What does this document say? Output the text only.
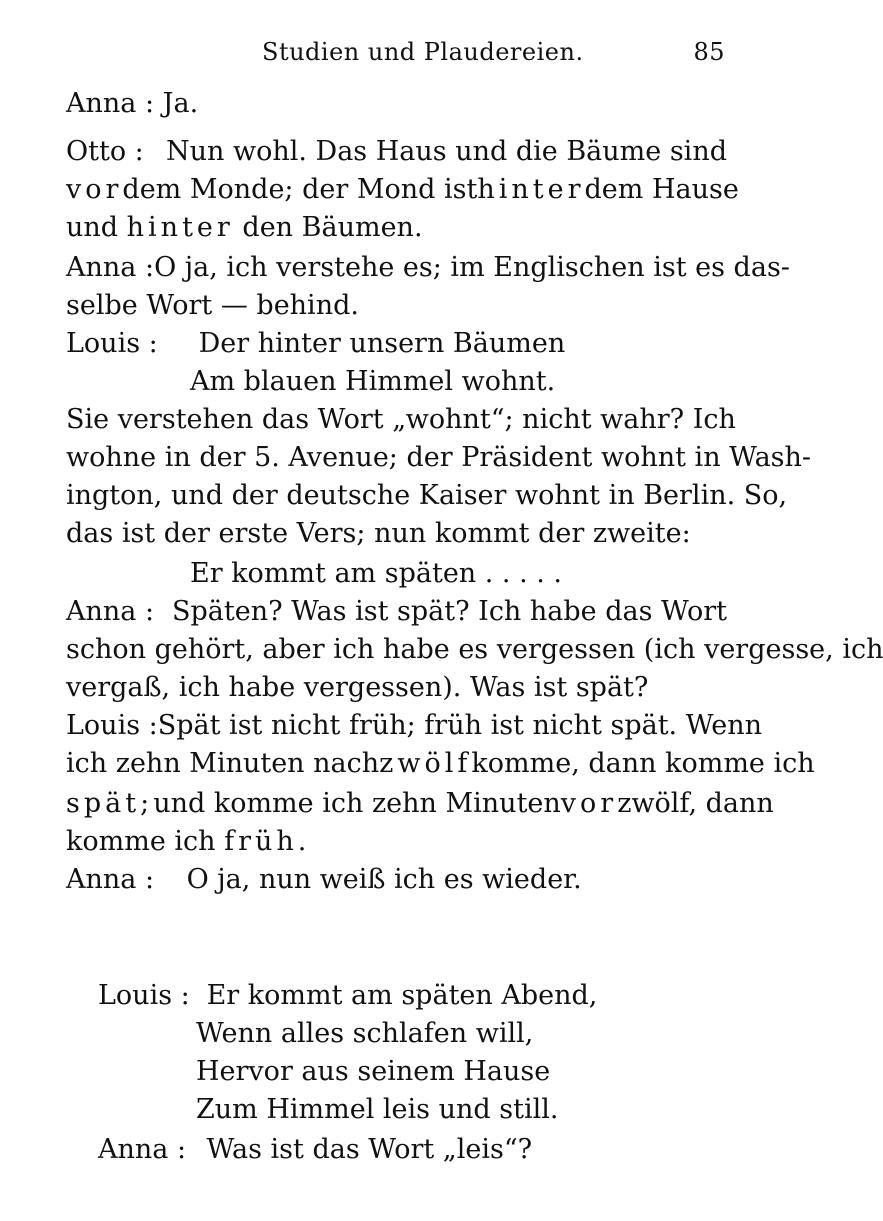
Studien und Plaudereien.	85
Anna : Ja.
Otto : Nun wohl. Das Haus und die Bäume sind
vor dem Monde; der Mond ist hinter dem Hause
und hinter den Bäumen.
Anna : O ja, ich verstehe es; im Englischen ist es das-
selbe Wort — behind.
Louis : Der hinter unsern Bäumen
Am blauen Himmel wohnt.
Sie verstehen das Wort „wohnt“; nicht wahr? Ich
wohne in der 5. Avenue; der Präsident wohnt in Wash-
ington, und der deutsche Kaiser wohnt in Berlin. So,
das ist der erste Vers; nun kommt der zweite:
Er kommt am späten . . . . .
Anna : Späten? Was ist spät? Ich habe das Wort
schon gehört, aber ich habe es vergessen (ich vergesse, ich
vergaß, ich habe vergessen). Was ist spät?
Louis : Spät ist nicht früh; früh ist nicht spät. Wenn
ich zehn Minuten nach zwölf komme, dann komme ich
spät; und komme ich zehn Minuten vor zwölf, dann
komme ich früh.
Anna : O ja, nun weiß ich es wieder.
Louis : Er kommt am späten Abend,
Wenn alles schlafen will,
Hervor aus seinem Hause
Zum Himmel leis und still.
Anna : Was ist das Wort „leis“?
